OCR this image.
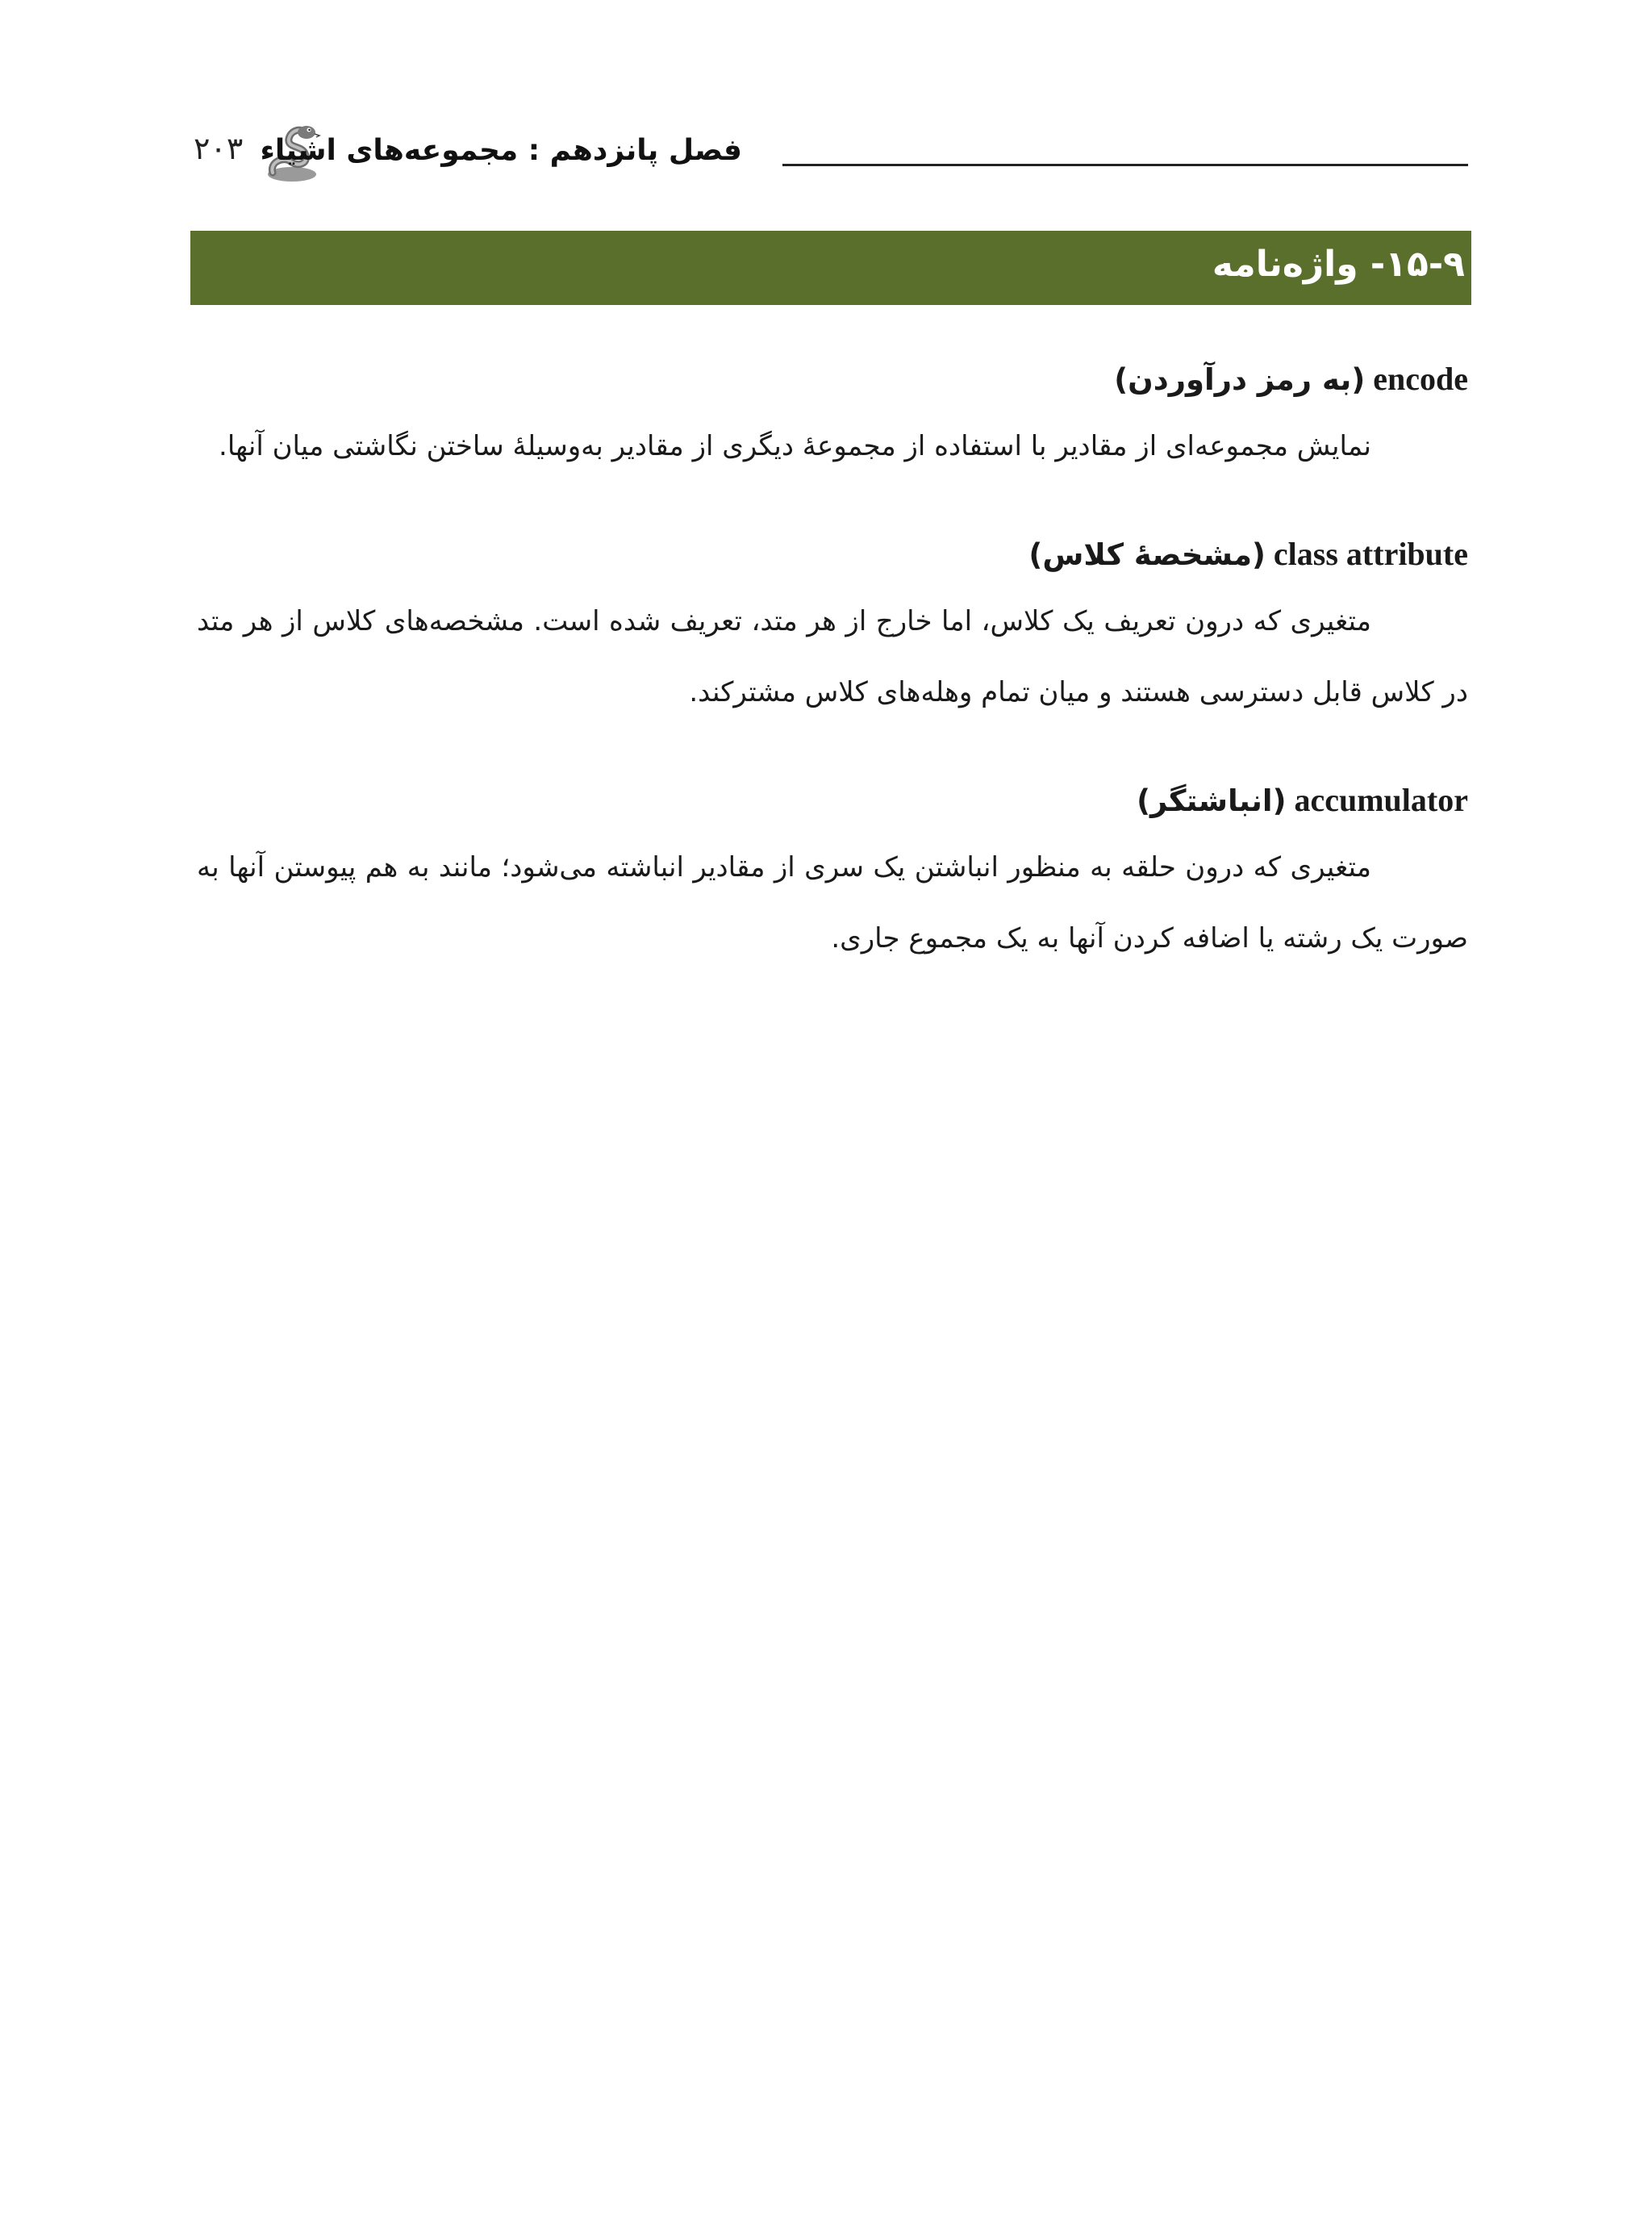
۲۰۳ فصل پانزدهم : مجموعه‌های اشیاء
۱۵-۹- واژه‌نامه

encode (به رمز درآوردن)

نمایش مجموعه‌ای از مقادیر با استفاده از مجموعهٔ دیگری از مقادیر به‌وسیلهٔ ساختن نگاشتی میان آنها.

class attribute (مشخصهٔ کلاس)

متغیری که درون تعریف یک کلاس، اما خارج از هر متد، تعریف شده است. مشخصه‌های کلاس از هر متد در کلاس قابل دسترسی هستند و میان تمام وهله‌های کلاس مشترکند.

accumulator (انباشتگر)

متغیری که درون حلقه به منظور انباشتن یک سری از مقادیر انباشته می‌شود؛ مانند به هم پیوستن آنها به صورت یک رشته یا اضافه کردن آنها به یک مجموع جاری.
